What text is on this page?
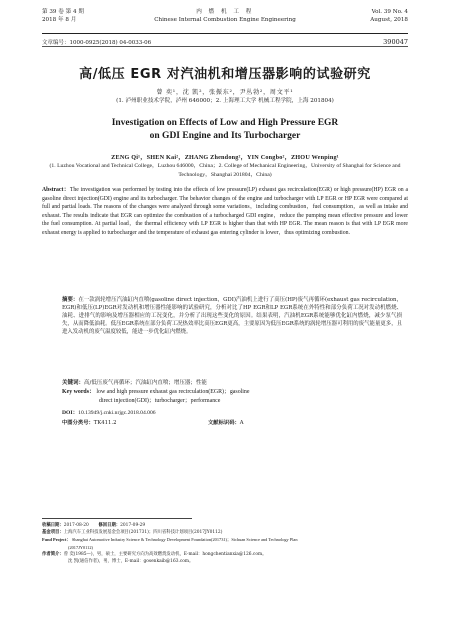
第 39 卷 第 4 期
2018 年 8 月
内 燃 机 工 程
Chinese Internal Combustion Engine Engineering
Vol. 39 No. 4
August, 2018
文章编号：1000-0925(2018) 04-0033-06	390047
高/低压 EGR 对汽油机和增压器影响的试验研究
曾 奕¹，沈 凯²，张振东²，尹丛勃²，周文平¹
(1. 泸州职业技术学院，泸州 646000；2. 上海理工大学 机械工程学院，上海 201804)
Investigation on Effects of Low and High Pressure EGR
on GDI Engine and Its Turbocharger
ZENG Qi¹，SHEN Kai²，ZHANG Zhendong²，YIN Congbo²，ZHOU Wenping¹
(1. Luzhou Vocational and Technical College，Luzhou 646000，China；2. College of Mechanical Engineering，University of Shanghai for Science and Technology，Shanghai 201804，China)
Abstract：The investigation was performed by testing into the effects of low pressure(LP) exhaust gas recirculation(EGR) or high pressure(HP) EGR on a gasoline direct injection(GDI) engine and its turbocharger. The behavior changes of the engine and turbocharger with LP EGR or HP EGR were compared at full and partial loads. The reasons of the changes were analyzed through some variations，including combustion，fuel consumption，as well as intake and exhaust. The results indicate that EGR can optimize the combustion of a turbocharged GDI engine，reduce the pumping mean effective pressure and lower the fuel consumption. At partial load，the thermal efficiency with LP EGR is higher than that with HP EGR. The mean reason is that with LP EGR more exhaust energy is applied to turbocharger and the temperature of exhaust gas entering cylinder is lower，thus optimizing combustion.
摘要：在一款涡轮增压汽油缸内直喷(gasoline direct injection，GDI)汽油机上进行了高压(HP)废气再循环(exhaust gas recirculation，EGR)和低压(LP)EGR对发动机和增压器性能影响的试验研究，分析对比了HP EGR和LP EGR系统在外特性和部分负荷工况对发动机燃烧、油耗、进排气的影响及增压器相应的工况变化，并分析了出现这些变化的原因。结果表明，汽油机EGR系统能够优化缸内燃烧，减少泵气损失，从而降低油耗。低压EGR系统在部分负荷工况热效率比高压EGR更高，主要原因为低压EGR系统的涡轮增压器可利用的废气能量更多，且进入发动机的废气温度较低，能进一步优化缸内燃烧。
关键词：高/低压废气再循环；汽油缸内直喷；增压器；性能
Key words： low and high pressure exhaust gas recirculation(EGR)；gasoline
direct injection(GDI)；turbocharger；performance
DOI：10.13949/j.cnki.nrjgc.2018.04.006
中图分类号：TK411.2	文献标识码：A
收稿日期：2017-08-20 修回日期：2017-09-29
基金项目：上海汽车工业科技发展基金会项目(201731)；四川省科技计划项目(2017JY0112)
Fund Project： Shanghai Automotive Industry Science & Technology Development Foundation(201731)；Sichuan Science and Technology Plan
(2017JY0112)
作者简介：曾 奕(1985—)，男，硕士，主要研究方向为高效燃烧发动机，E-mail：hongchentianxia@126.com。
沈 凯(通信作者)，男，博士，E-mail：gosenkaib@163.com。
